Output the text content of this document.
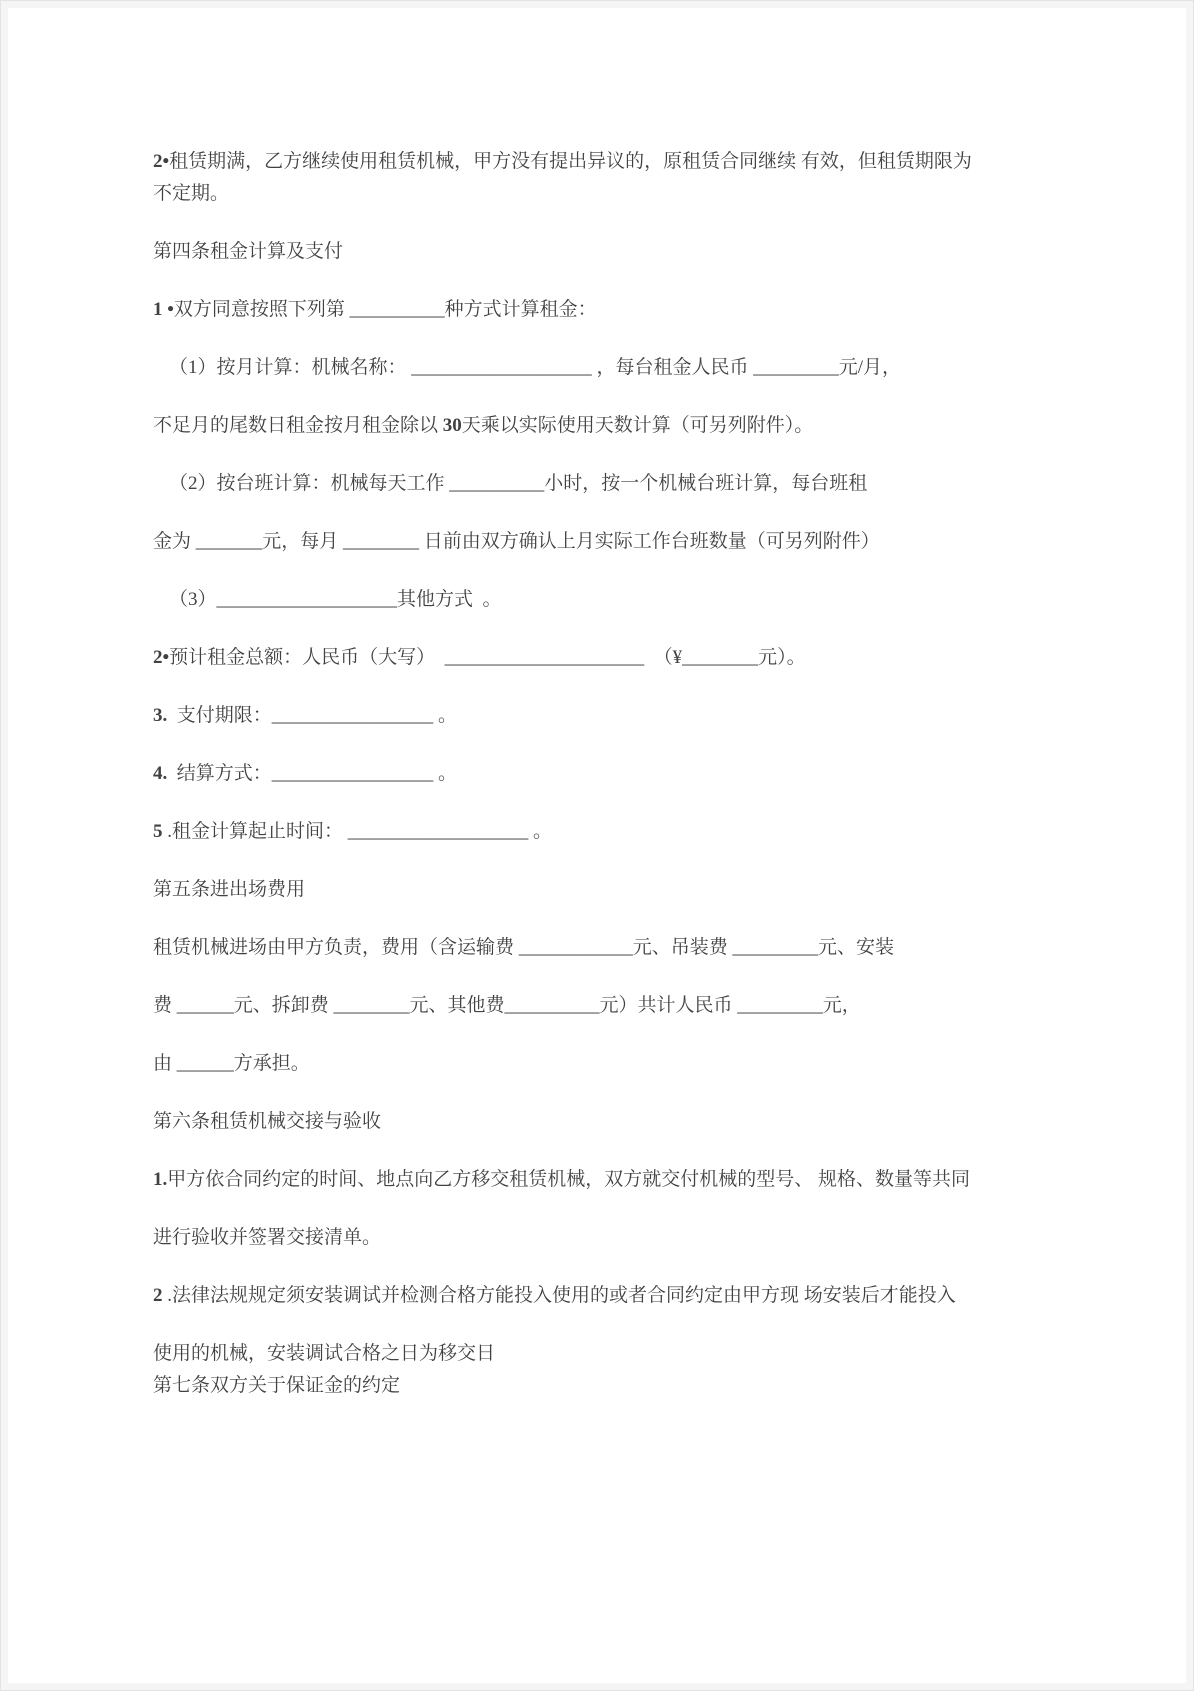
2•租赁期满，乙方继续使用租赁机械，甲方没有提出异议的，原租赁合同继续 有效，但租赁期限为
不定期。
第四条租金计算及支付
1 •双方同意按照下列第 __________种方式计算租金：
（1）按月计算：机械名称： ___________________ ，每台租金人民币 _________元/月，
不足月的尾数日租金按月租金除以 30天乘以实际使用天数计算（可另列附件）。
（2）按台班计算：机械每天工作 __________小时，按一个机械台班计算，每台班租
金为 _______元，每月 ________ 日前由双方确认上月实际工作台班数量（可另列附件）
（3）___________________其他方式  。
2•预计租金总额：人民币（大写）  _____________________  （¥________元）。
3.  支付期限：_________________ 。
4.  结算方式：_________________ 。
5 .租金计算起止时间： ___________________ 。
第五条进出场费用
租赁机械进场由甲方负责，费用（含运输费 ____________元、吊装费 _________元、安装
费 ______元、拆卸费 ________元、其他费__________元）共计人民币 _________元，
由 ______方承担。
第六条租赁机械交接与验收
1.甲方依合同约定的时间、地点向乙方移交租赁机械，双方就交付机械的型号、 规格、数量等共同
进行验收并签署交接清单。
2 .法律法规规定须安装调试并检测合格方能投入使用的或者合同约定由甲方现 场安装后才能投入
使用的机械，安装调试合格之日为移交日
第七条双方关于保证金的约定
